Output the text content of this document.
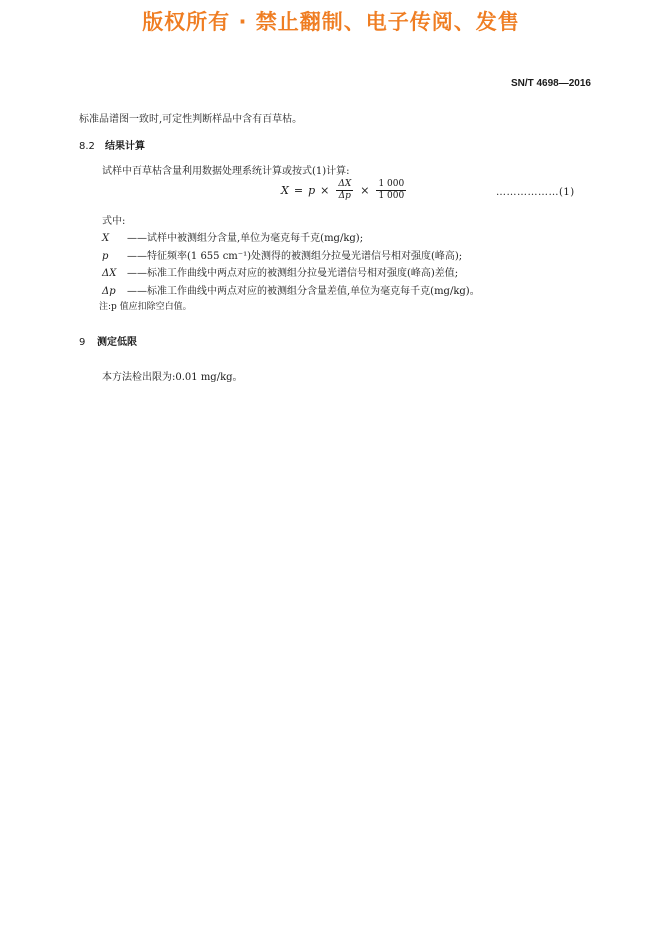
版权所有 · 禁止翻制、电子传阅、发售
SN/T 4698—2016
标准品谱图一致时,可定性判断样品中含有百草枯。
8.2 结果计算
试样中百草枯含量利用数据处理系统计算或按式(1)计算:
$X = p \times \frac{\Delta X}{\Delta p} \times \frac{1 000}{1 000}$	………………(1)
式中:
X ——试样中被测组分含量,单位为毫克每千克(mg/kg);
p ——特征频率(1 655 cm⁻¹)处测得的被测组分拉曼光谱信号相对强度(峰高);
ΔX ——标准工作曲线中两点对应的被测组分拉曼光谱信号相对强度(峰高)差值;
Δp ——标准工作曲线中两点对应的被测组分含量差值,单位为毫克每千克(mg/kg)。
注:p 值应扣除空白值。
9 测定低限
本方法检出限为:0.01 mg/kg。
